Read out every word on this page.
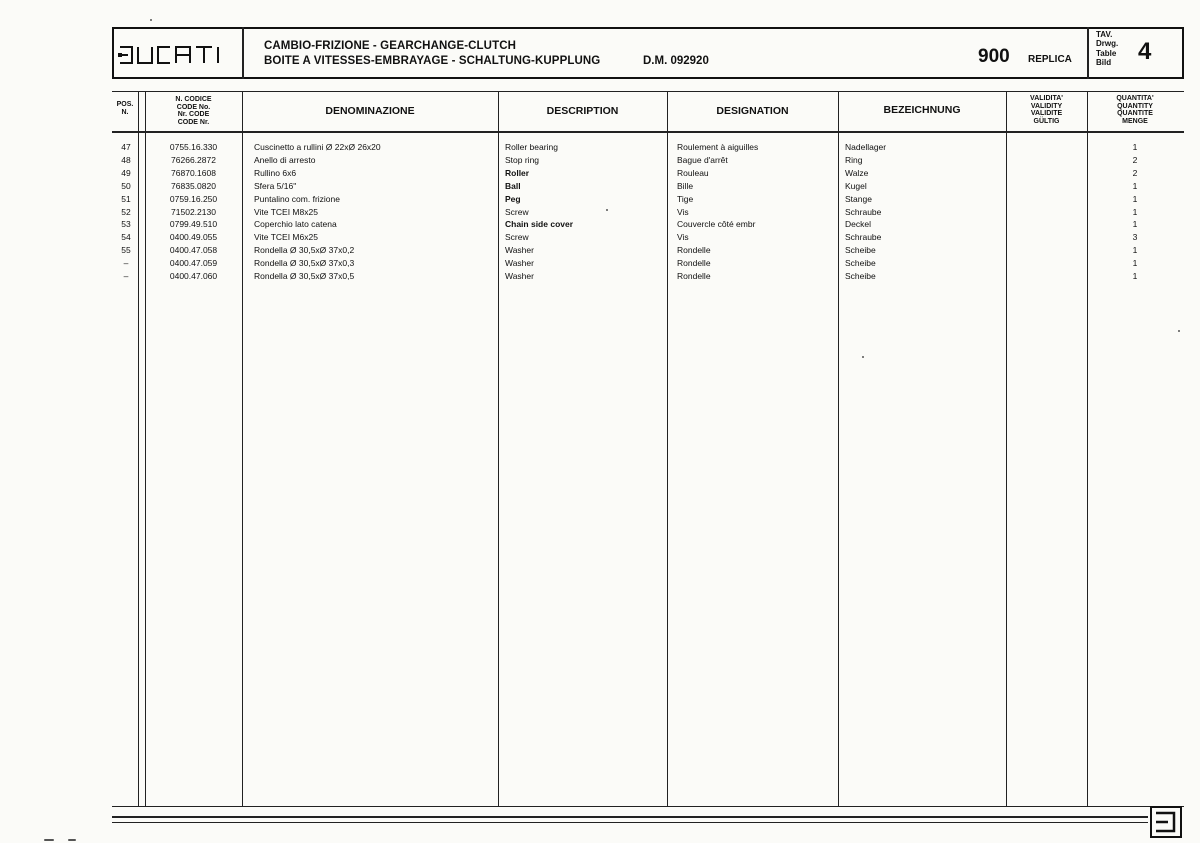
DUCATI	CAMBIO-FRIZIONE - GEARCHANGE-CLUTCH
BOITE A VITESSES-EMBRAYAGE - SCHALTUNG-KUPPLUNG	D.M. 092920	900 REPLICA
TAV.
Drwg.
Table
Bild 4
POS.
N.
N. CODICE
CODE No.
Nr. CODE
CODE Nr.
DENOMINAZIONE	DESCRIPTION	DESIGNATION	BEZEICHNUNG
VALIDITA'
VALIDITY
VALIDITE
GÜLTIG
QUANTITA'
QUANTITY
QUANTITE
MENGE
47	0755.16.330	Cuscinetto a rullini Ø 22xØ 26x20	Roller bearing	Roulement à aiguilles	Nadellager	1
48	76266.2872	Anello di arresto	Stop ring	Bague d'arrêt	Ring	2
49	76870.1608	Rullino 6x6	Roller	Rouleau	Walze	2
50	76835.0820	Sfera 5/16"	Ball	Bille	Kugel	1
51	0759.16.250	Puntalino com. frizione	Peg	Tige	Stange	1
52	71502.2130	Vite TCEI M8x25	Screw	Vis	Schraube	1
53	0799.49.510	Coperchio lato catena	Chain side cover	Couvercle côté embr	Deckel	1
54	0400.49.055	Vite TCEI M6x25	Screw	Vis	Schraube	3
55	0400.47.058	Rondella Ø 30,5xØ 37x0,2	Washer	Rondelle	Scheibe	1
–	0400.47.059	Rondella Ø 30,5xØ 37x0,3	Washer	Rondelle	Scheibe	1
–	0400.47.060	Rondella Ø 30,5xØ 37x0,5	Washer	Rondelle	Scheibe	1
